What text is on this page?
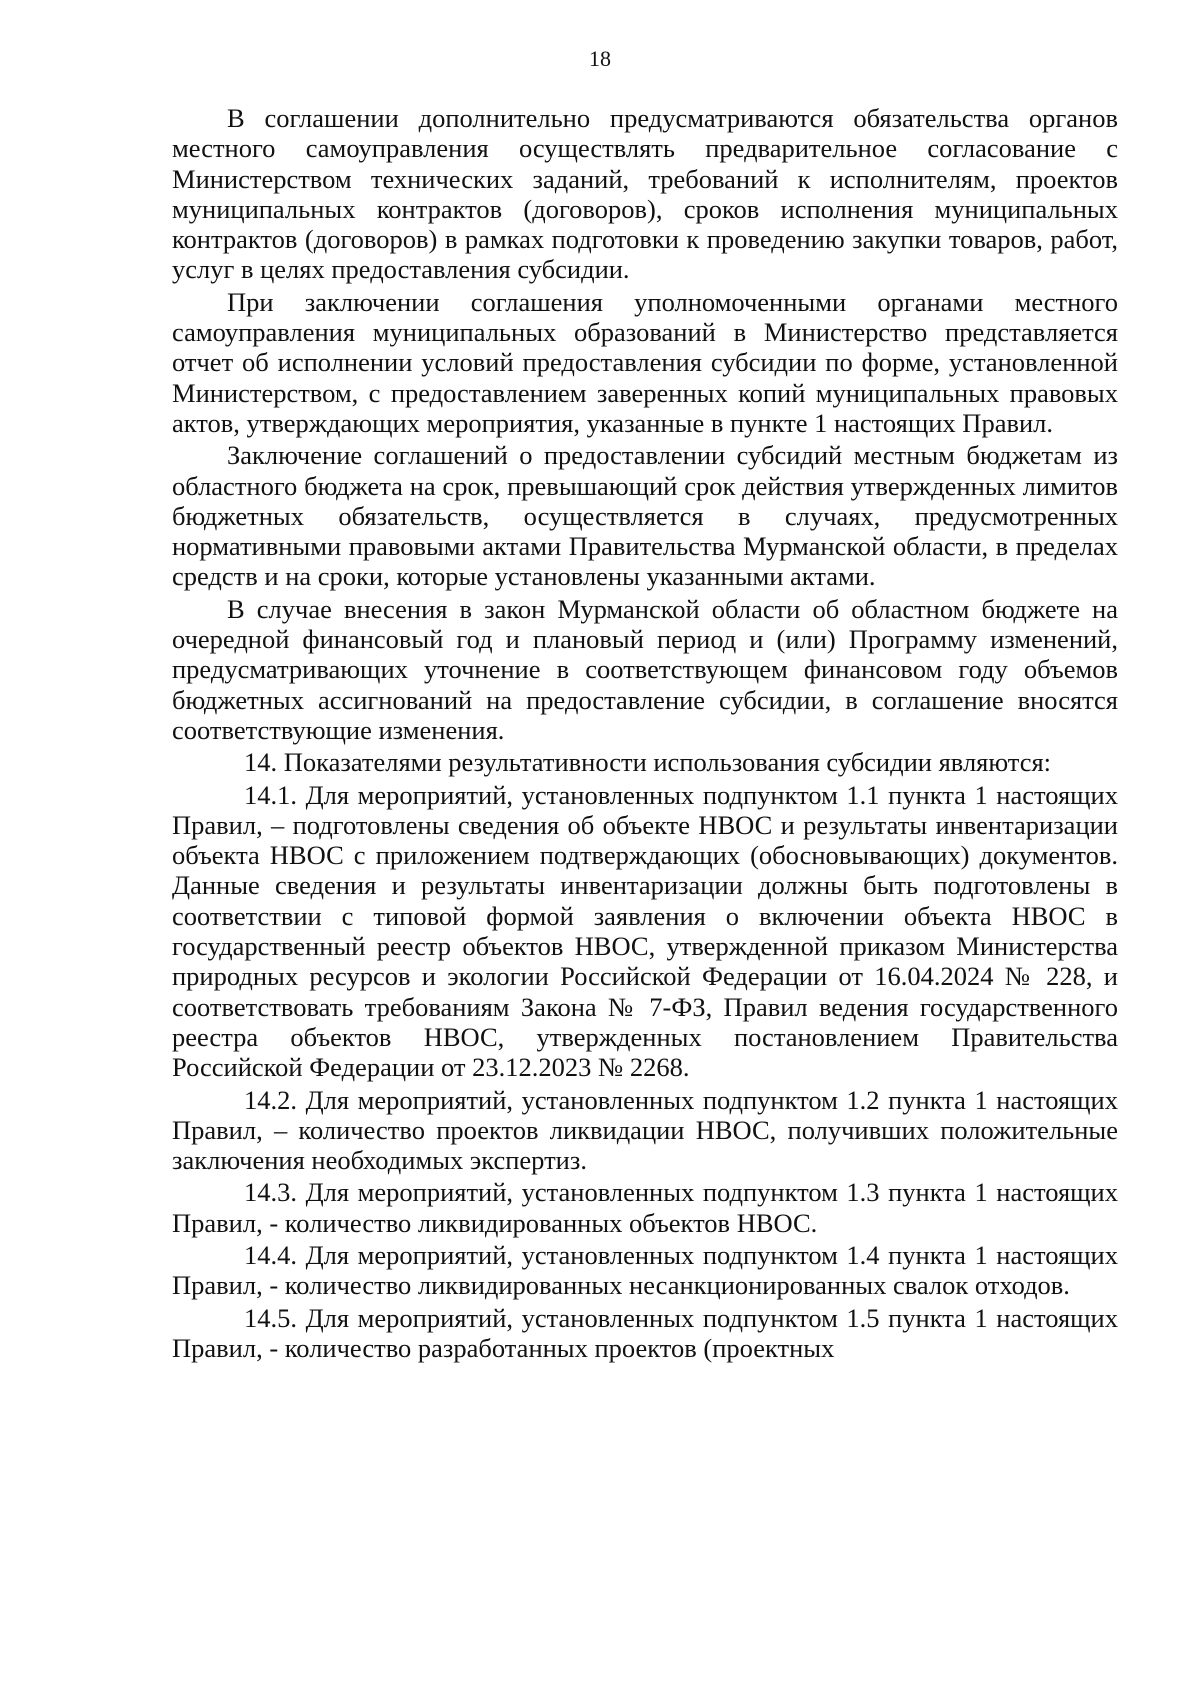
18

В соглашении дополнительно предусматриваются обязательства органов местного самоуправления осуществлять предварительное согласование с Министерством технических заданий, требований к исполнителям, проектов муниципальных контрактов (договоров), сроков исполнения муниципальных контрактов (договоров) в рамках подготовки к проведению закупки товаров, работ, услуг в целях предоставления субсидии.

При заключении соглашения уполномоченными органами местного самоуправления муниципальных образований в Министерство представляется отчет об исполнении условий предоставления субсидии по форме, установленной Министерством, с предоставлением заверенных копий муниципальных правовых актов, утверждающих мероприятия, указанные в пункте 1 настоящих Правил.

Заключение соглашений о предоставлении субсидий местным бюджетам из областного бюджета на срок, превышающий срок действия утвержденных лимитов бюджетных обязательств, осуществляется в случаях, предусмотренных нормативными правовыми актами Правительства Мурманской области, в пределах средств и на сроки, которые установлены указанными актами.

В случае внесения в закон Мурманской области об областном бюджете на очередной финансовый год и плановый период и (или) Программу изменений, предусматривающих уточнение в соответствующем финансовом году объемов бюджетных ассигнований на предоставление субсидии, в соглашение вносятся соответствующие изменения.

14. Показателями результативности использования субсидии являются:

14.1. Для мероприятий, установленных подпунктом 1.1 пункта 1 настоящих Правил, – подготовлены сведения об объекте НВОС и результаты инвентаризации объекта НВОС с приложением подтверждающих (обосновывающих) документов. Данные сведения и результаты инвентаризации должны быть подготовлены в соответствии с типовой формой заявления о включении объекта НВОС в государственный реестр объектов НВОС, утвержденной приказом Министерства природных ресурсов и экологии Российской Федерации от 16.04.2024 № 228, и соответствовать требованиям Закона № 7-ФЗ, Правил ведения государственного реестра объектов НВОС, утвержденных постановлением Правительства Российской Федерации от 23.12.2023 № 2268.

14.2. Для мероприятий, установленных подпунктом 1.2 пункта 1 настоящих Правил, – количество проектов ликвидации НВОС, получивших положительные заключения необходимых экспертиз.

14.3. Для мероприятий, установленных подпунктом 1.3 пункта 1 настоящих Правил, - количество ликвидированных объектов НВОС.

14.4. Для мероприятий, установленных подпунктом 1.4 пункта 1 настоящих Правил, - количество ликвидированных несанкционированных свалок отходов.

14.5. Для мероприятий, установленных подпунктом 1.5 пункта 1 настоящих Правил, - количество разработанных проектов (проектных
